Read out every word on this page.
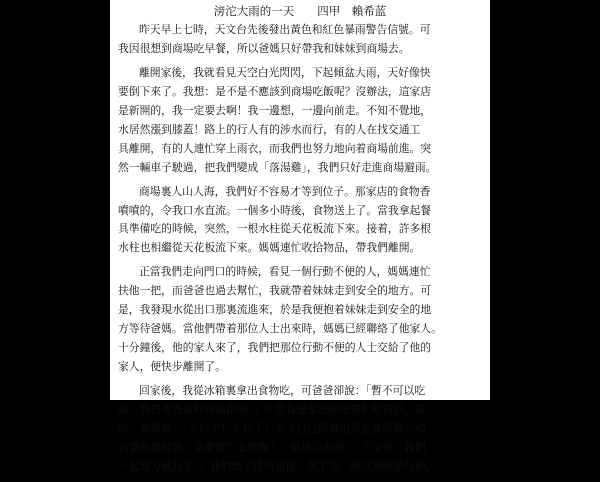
滂沱大雨的一天　　四甲　賴希蓝

昨天早上七時，天文台先後發出黃色和紅色暴雨警告信號。可
我因很想到商場吃早餐，所以爸媽只好帶我和妹妹到商場去。

離開家後，我就看見天空白光閃閃，下起傾盆大雨，天好像快
要倒下來了。我想：是不是不應該到商場吃飯呢？沒辦法，這家店
是新開的，我一定要去啊！我一邊想，一邊向前走。不知不覺地，
水居然漲到膝蓋！路上的行人有的涉水而行，有的人在找交通工
具離開，有的人連忙穿上雨衣，而我們也努力地向着商場前進。突
然一輛車子駛過，把我們變成「落湯雞」，我們只好走進商場避雨。

商場裏人山人海，我們好不容易才等到位子。那家店的食物香
噴噴的，令我口水直流。一個多小時後，食物送上了。當我拿起餐
具準備吃的時候，突然，一根水柱從天花板流下來。接着，許多根
水柱也相繼從天花板流下來。媽媽連忙收拾物品，帶我們離開。

正當我們走向門口的時候，看見一個行動不便的人，媽媽連忙
扶他一把，而爸爸也過去幫忙，我就帶着妹妹走到安全的地方。可
是，我發現水從出口那裏流進來，於是我便抱着妹妹走到安全的地
方等待爸媽。當他們帶着那位人士出來時，媽媽已經聯絡了他家人。
十分鐘後，他的家人來了，我們把那位行動不便的人士交給了他的
家人，便快步離開了。

回家後，我從冰箱裏拿出食物吃，可爸爸卻說：「暫不可以吃
飯，我們要先做好防風措施。」於是我便拿出膠紙幫忙貼窗戶。這
時，媽媽說：「不好了！不好了！天文台已經發出黑色暴雨警告和
八號颱風信號。怎麼辦？怎麼辦？」妹妹立刻說：「不用怕，我們
一起努力就行了。」我們聽了這句話後，笑了笑，就立刻開始行動。
